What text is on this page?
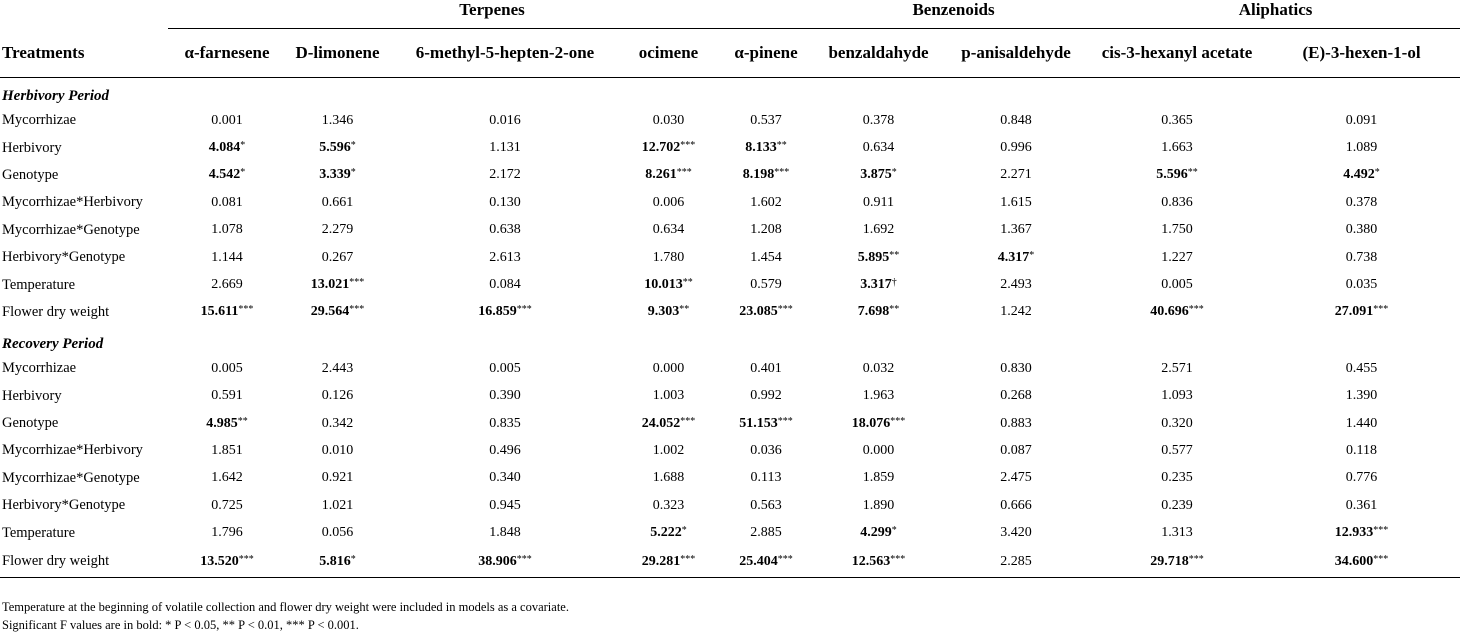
	Terpenes					Benzenoids		Aliphatics	
Treatments	α-farnesene	D-limonene	6-methyl-5-hepten-2-one	ocimene	α-pinene	benzaldahyde	p-anisaldehyde	cis-3-hexanyl acetate	(E)-3-hexen-1-ol
Herbivory Period									
Mycorrhizae	0.001	1.346	0.016	0.030	0.537	0.378	0.848	0.365	0.091
Herbivory	4.084*	5.596*	1.131	12.702***	8.133**	0.634	0.996	1.663	1.089
Genotype	4.542*	3.339*	2.172	8.261***	8.198***	3.875*	2.271	5.596**	4.492*
Mycorrhizae*Herbivory	0.081	0.661	0.130	0.006	1.602	0.911	1.615	0.836	0.378
Mycorrhizae*Genotype	1.078	2.279	0.638	0.634	1.208	1.692	1.367	1.750	0.380
Herbivory*Genotype	1.144	0.267	2.613	1.780	1.454	5.895**	4.317*	1.227	0.738
Temperature	2.669	13.021***	0.084	10.013**	0.579	3.317†	2.493	0.005	0.035
Flower dry weight	15.611***	29.564***	16.859***	9.303**	23.085***	7.698**	1.242	40.696***	27.091***
Recovery Period									
Mycorrhizae	0.005	2.443	0.005	0.000	0.401	0.032	0.830	2.571	0.455
Herbivory	0.591	0.126	0.390	1.003	0.992	1.963	0.268	1.093	1.390
Genotype	4.985**	0.342	0.835	24.052***	51.153***	18.076***	0.883	0.320	1.440
Mycorrhizae*Herbivory	1.851	0.010	0.496	1.002	0.036	0.000	0.087	0.577	0.118
Mycorrhizae*Genotype	1.642	0.921	0.340	1.688	0.113	1.859	2.475	0.235	0.776
Herbivory*Genotype	0.725	1.021	0.945	0.323	0.563	1.890	0.666	0.239	0.361
Temperature	1.796	0.056	1.848	5.222*	2.885	4.299*	3.420	1.313	12.933***
Flower dry weight	13.520***	5.816*	38.906***	29.281***	25.404***	12.563***	2.285	29.718***	34.600***
Temperature at the beginning of volatile collection and flower dry weight were included in models as a covariate.
Significant F values are in bold: * P < 0.05, ** P < 0.01, *** P < 0.001.
